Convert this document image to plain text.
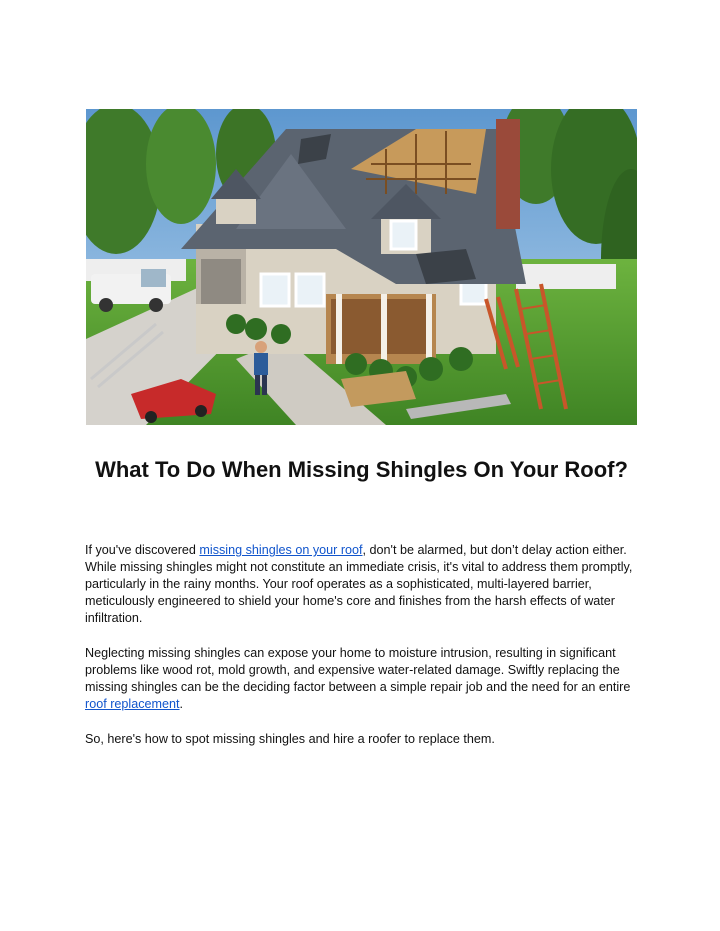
What To Do When Missing Shingles On Your Roof?

If you've discovered missing shingles on your roof, don't be alarmed, but don’t delay action either. While missing shingles might not constitute an immediate crisis, it's vital to address them promptly, particularly in the rainy months. Your roof operates as a sophisticated, multi-layered barrier, meticulously engineered to shield your home's core and finishes from the harsh effects of water infiltration.

Neglecting missing shingles can expose your home to moisture intrusion, resulting in significant problems like wood rot, mold growth, and expensive water-related damage. Swiftly replacing the missing shingles can be the deciding factor between a simple repair job and the need for an entire roof replacement.

So, here's how to spot missing shingles and hire a roofer to replace them.
